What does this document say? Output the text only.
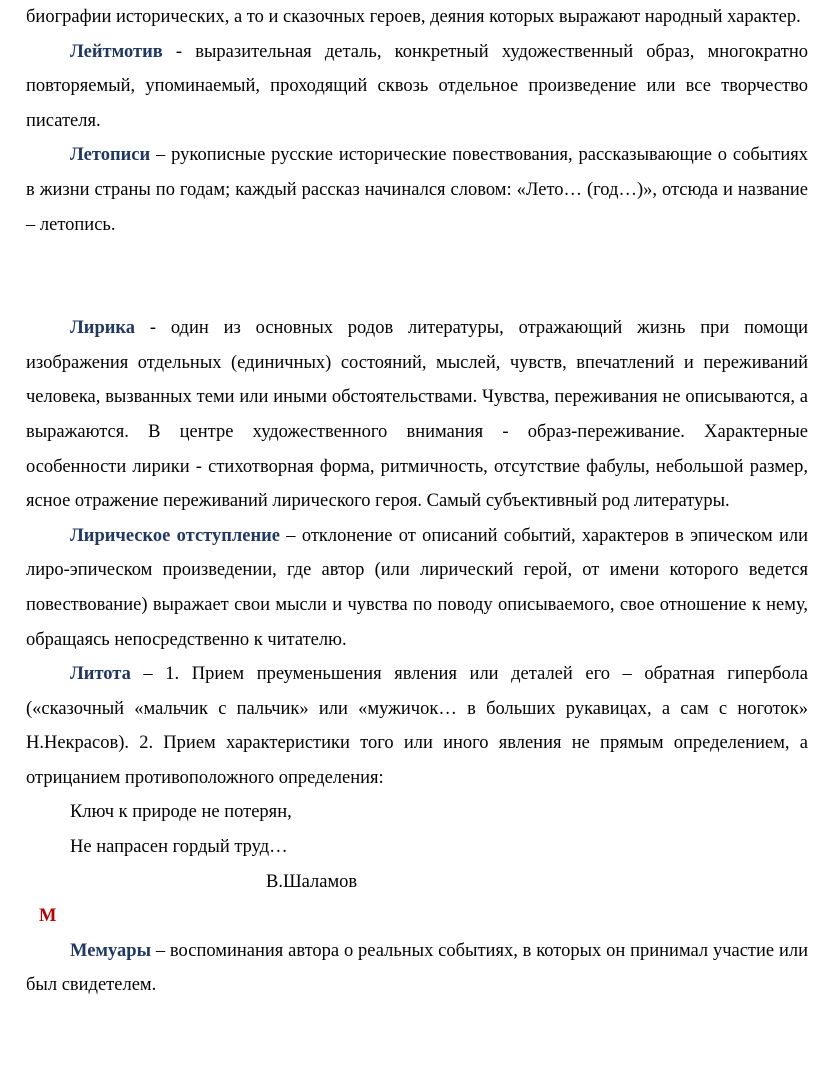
биографии исторических, а то и сказочных героев, деяния которых выражают народный характер.

Лейтмотив - выразительная деталь, конкретный художественный образ, многократно повторяемый, упоминаемый, проходящий сквозь отдельное произведение или все творчество писателя.

Летописи – рукописные русские исторические повествования, рассказывающие о событиях в жизни страны по годам; каждый рассказ начинался словом: «Лето… (год…)», отсюда и название – летопись.

Лирика - один из основных родов литературы, отражающий жизнь при помощи изображения отдельных (единичных) состояний, мыслей, чувств, впечатлений и переживаний человека, вызванных теми или иными обстоятельствами. Чувства, переживания не описываются, а выражаются. В центре художественного внимания - образ-переживание. Характерные особенности лирики - стихотворная форма, ритмичность, отсутствие фабулы, небольшой размер, ясное отражение переживаний лирического героя. Самый субъективный род литературы.

Лирическое отступление – отклонение от описаний событий, характеров в эпическом или лиро-эпическом произведении, где автор (или лирический герой, от имени которого ведется повествование) выражает свои мысли и чувства по поводу описываемого, свое отношение к нему, обращаясь непосредственно к читателю.

Литота – 1. Прием преуменьшения явления или деталей его – обратная гипербола («сказочный «мальчик с пальчик» или «мужичок… в больших рукавицах, а сам с ноготок» Н.Некрасов). 2. Прием характеристики того или иного явления не прямым определением, а отрицанием противоположного определения:

Ключ к природе не потерян,

Не напрасен гордый труд…

В.Шаламов

М

Мемуары – воспоминания автора о реальных событиях, в которых он принимал участие или был свидетелем.
